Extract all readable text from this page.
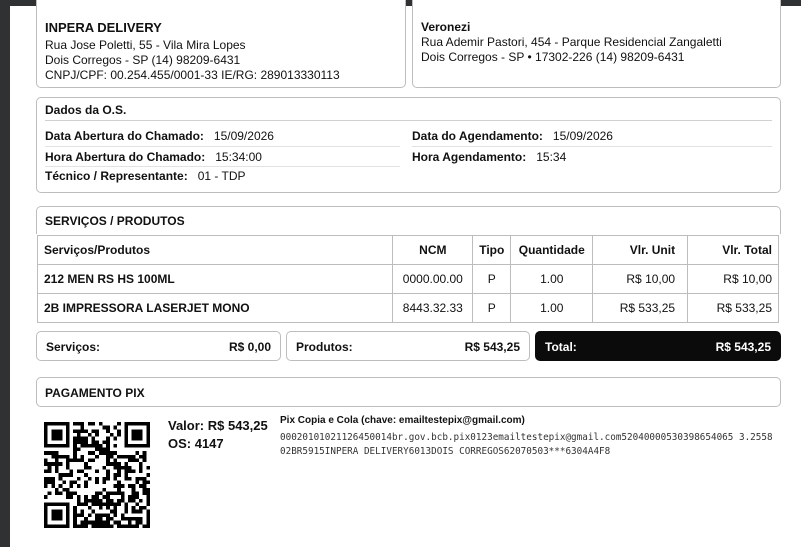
INPERA DELIVERY
Rua Jose Poletti, 55 - Vila Mira Lopes
Dois Corregos - SP (14) 98209-6431
CNPJ/CPF: 00.254.455/0001-33 IE/RG: 289013330113
Veronezi
Rua Ademir Pastori, 454 - Parque Residencial Zangaletti
Dois Corregos - SP • 17302-226 (14) 98209-6431
Dados da O.S.
Data Abertura do Chamado: 15/09/2026
Hora Abertura do Chamado: 15:34:00
Técnico / Representante: 01 - TDP
Data do Agendamento: 15/09/2026
Hora Agendamento: 15:34
SERVIÇOS / PRODUTOS
Serviços/Produtos	NCM	Tipo	Quantidade	Vlr. Unit	Vlr. Total
212 MEN RS HS 100ML	0000.00.00	P	1.00	R$ 10,00	R$ 10,00
2B IMPRESSORA LASERJET MONO	8443.32.33	P	1.00	R$ 533,25	R$ 533,25
Serviços:	R$ 0,00 Produtos:	R$ 543,25 Total:	R$ 543,25
PAGAMENTO PIX
Valor: R$ 543,25
OS: 4147
Pix Copia e Cola (chave: emailtestepix@gmail.com)
00020101021126450014br.gov.bcb.pix0123emailtestepix@gmail.com52040000530398654065 3.255802BR5915INPERA DELIVERY6013DOIS CORREGOS62070503***6304A4F8
